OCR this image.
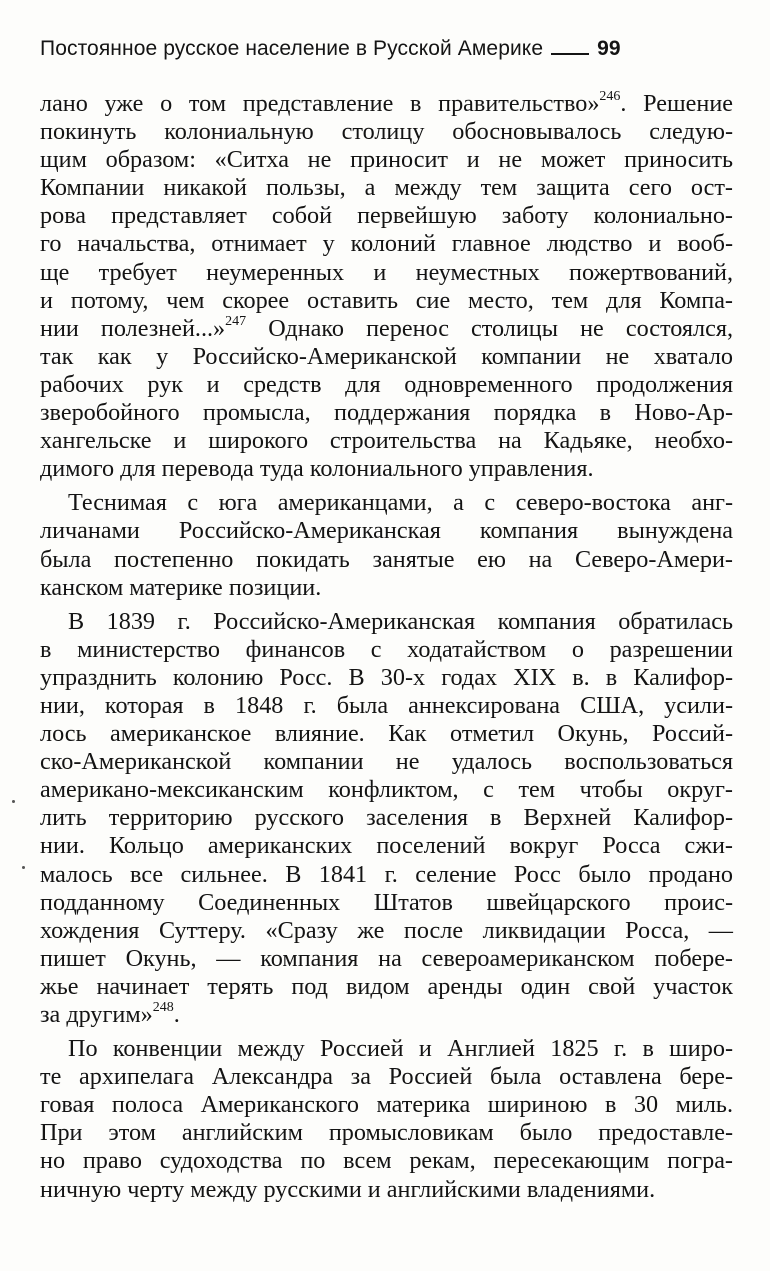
Постоянное русское население в Русской Америке	99

лано уже о том представление в правительство»$^{246}$. Решение
покинуть колониальную столицу обосновывалось следую-
щим образом: «Ситха не приносит и не может приносить
Компании никакой пользы, а между тем защита сего ост-
рова представляет собой первейшую заботу колониально-
го начальства, отнимает у колоний главное людство и вооб-
ще требует неумеренных и неуместных пожертвований,
и потому, чем скорее оставить сие место, тем для Компа-
нии полезней...»$^{247}$ Однако перенос столицы не состоялся,
так как у Российско-Американской компании не хватало
рабочих рук и средств для одновременного продолжения
зверобойного промысла, поддержания порядка в Ново-Ар-
хангельске и широкого строительства на Кадьяке, необхо-
димого для перевода туда колониального управления.

Теснимая с юга американцами, а с северо-востока анг-
личанами Российско-Американская компания вынуждена
была постепенно покидать занятые ею на Северо-Амери-
канском материке позиции.

В 1839 г. Российско-Американская компания обратилась
в министерство финансов с ходатайством о разрешении
упразднить колонию Росс. В 30-х годах XIX в. в Калифор-
нии, которая в 1848 г. была аннексирована США, усили-
лось американское влияние. Как отметил Окунь, Россий-
ско-Американской компании не удалось воспользоваться
американо-мексиканским конфликтом, с тем чтобы округ-
лить территорию русского заселения в Верхней Калифор-
нии. Кольцо американских поселений вокруг Росса сжи-
малось все сильнее. В 1841 г. селение Росс было продано
подданному Соединенных Штатов швейцарского проис-
хождения Суттеру. «Сразу же после ликвидации Росса, —
пишет Окунь, — компания на североамериканском побере-
жье начинает терять под видом аренды один свой участок
за другим»$^{248}$.

По конвенции между Россией и Англией 1825 г. в широ-
те архипелага Александра за Россией была оставлена бере-
говая полоса Американского материка шириною в 30 миль.
При этом английским промысловикам было предоставле-
но право судоходства по всем рекам, пересекающим погра-
ничную черту между русскими и английскими владениями.
